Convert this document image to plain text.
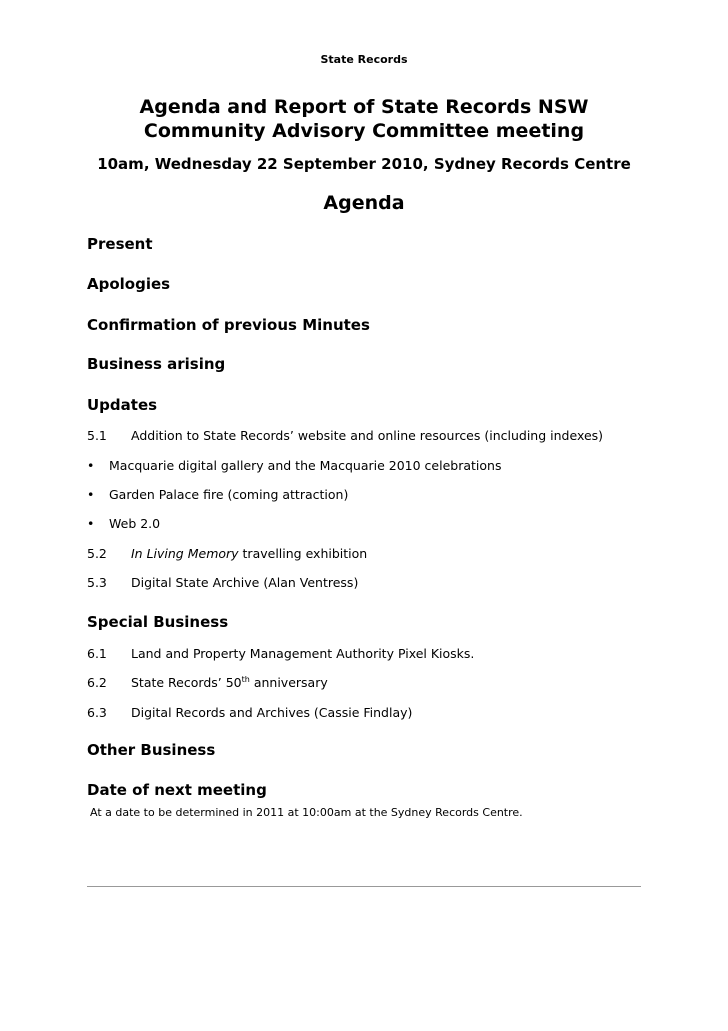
State Records
Agenda and Report of State Records NSW
Community Advisory Committee meeting
10am, Wednesday 22 September 2010, Sydney Records Centre
Agenda
Present
Apologies
Confirmation of previous Minutes
Business arising
Updates
5.1 Addition to State Records’ website and online resources (including indexes)
• Macquarie digital gallery and the Macquarie 2010 celebrations
• Garden Palace fire (coming attraction)
• Web 2.0
5.2 In Living Memory travelling exhibition
5.3 Digital State Archive (Alan Ventress)
Special Business
6.1 Land and Property Management Authority Pixel Kiosks.
6.2 State Records’ 50th anniversary
6.3 Digital Records and Archives (Cassie Findlay)
Other Business
Date of next meeting
At a date to be determined in 2011 at 10:00am at the Sydney Records Centre.
